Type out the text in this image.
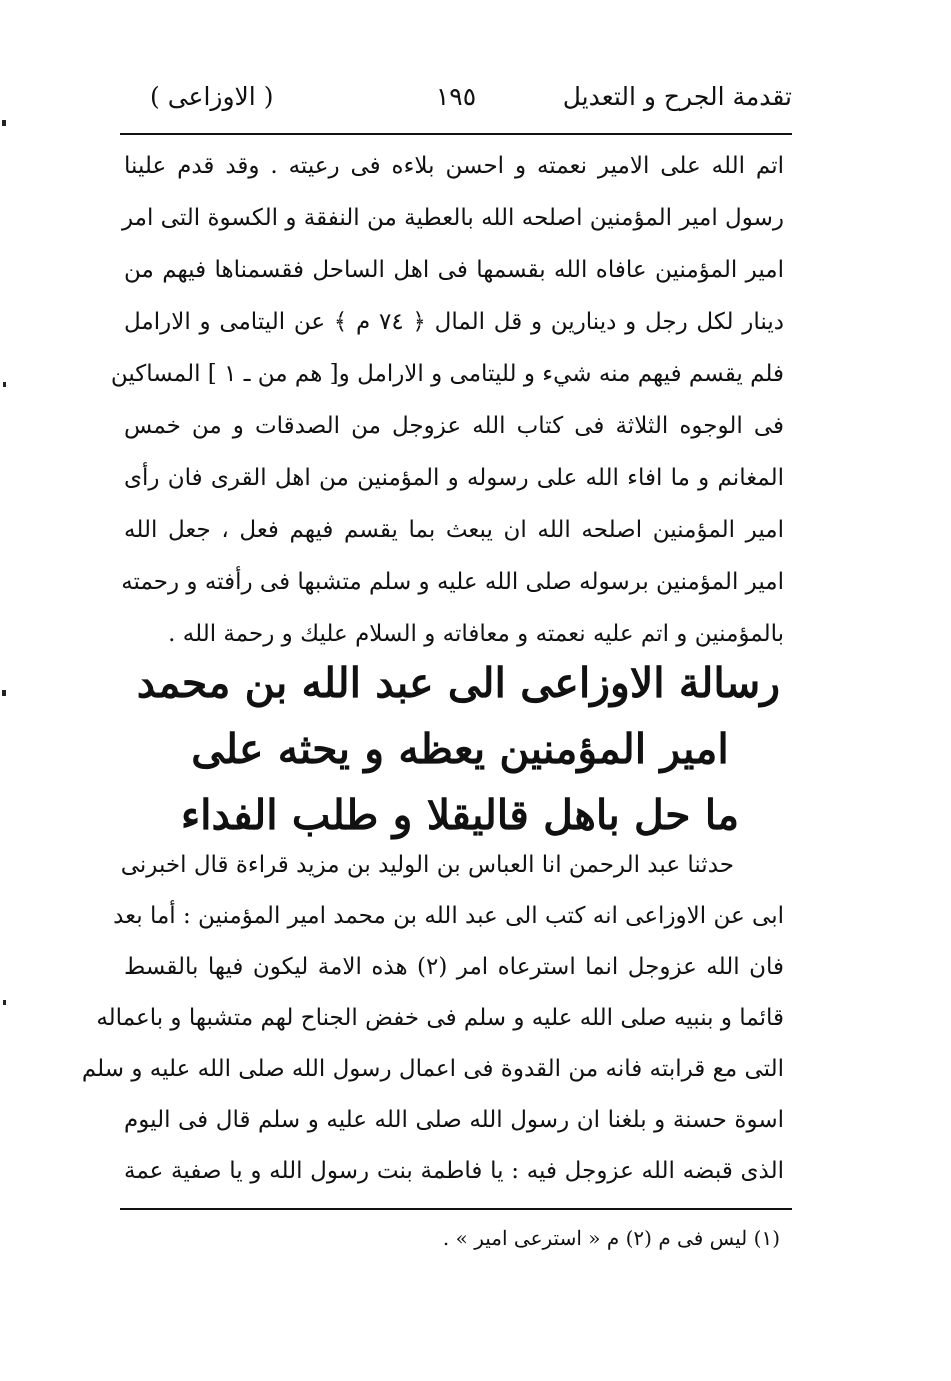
تقدمة الجرح و التعديل
١٩٥
( الاوزاعى )
اتم الله على الامير نعمته و احسن بلاءه فى رعيته . وقد قدم علينا
رسول امير المؤمنين اصلحه الله بالعطية من النفقة و الكسوة التى امر
امير المؤمنين عافاه الله بقسمها فى اهل الساحل فقسمناها فيهم من
دينار لكل رجل و دينارين و قل المال ﴿ ٧٤ م ﴾ عن اليتامى و الارامل
فلم يقسم فيهم منه شيء و لليتامى و الارامل و[ هم من ـ ١ ] المساكين
فى الوجوه الثلاثة فى كتاب الله عزوجل من الصدقات و من خمس
المغانم و ما افاء الله على رسوله و المؤمنين من اهل القرى فان رأى
امير المؤمنين اصلحه الله ان يبعث بما يقسم فيهم فعل ، جعل الله
امير المؤمنين برسوله صلى الله عليه و سلم متشبها فى رأفته و رحمته
بالمؤمنين و اتم عليه نعمته و معافاته و السلام عليك و رحمة الله .
رسالة الاوزاعى الى عبد الله بن محمد
امير المؤمنين يعظه و يحثه على
ما حل باهل قاليقلا و طلب الفداء
حدثنا عبد الرحمن انا العباس بن الوليد بن مزيد قراءة قال اخبرنى
ابى عن الاوزاعى انه كتب الى عبد الله بن محمد امير المؤمنين : أما بعد
فان الله عزوجل انما استرعاه امر (٢) هذه الامة ليكون فيها بالقسط
قائما و بنبيه صلى الله عليه و سلم فى خفض الجناح لهم متشبها و باعماله
التى مع قرابته فانه من القدوة فى اعمال رسول الله صلى الله عليه و سلم
اسوة حسنة و بلغنا ان رسول الله صلى الله عليه و سلم قال فى اليوم
الذى قبضه الله عزوجل فيه : يا فاطمة بنت رسول الله و يا صفية عمة
(١) ليس فى م (٢) م « استرعى امير » .
